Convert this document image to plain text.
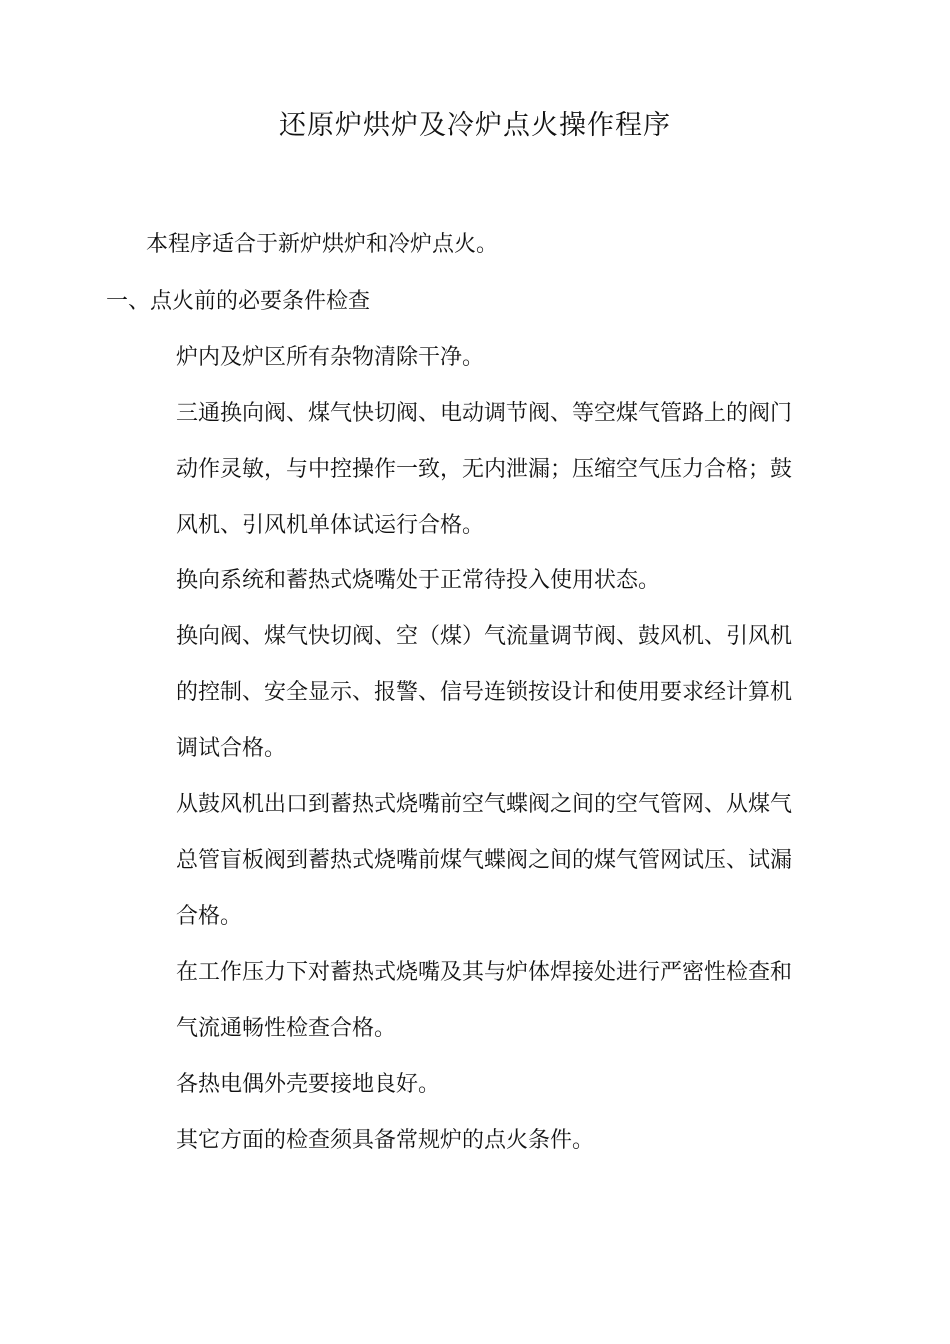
还原炉烘炉及冷炉点火操作程序
本程序适合于新炉烘炉和冷炉点火。
一、点火前的必要条件检查
炉内及炉区所有杂物清除干净。
三通换向阀、煤气快切阀、电动调节阀、等空煤气管路上的阀门
动作灵敏，与中控操作一致，无内泄漏；压缩空气压力合格；鼓
风机、引风机单体试运行合格。
换向系统和蓄热式烧嘴处于正常待投入使用状态。
换向阀、煤气快切阀、空（煤）气流量调节阀、鼓风机、引风机
的控制、安全显示、报警、信号连锁按设计和使用要求经计算机
调试合格。
从鼓风机出口到蓄热式烧嘴前空气蝶阀之间的空气管网、从煤气
总管盲板阀到蓄热式烧嘴前煤气蝶阀之间的煤气管网试压、试漏
合格。
在工作压力下对蓄热式烧嘴及其与炉体焊接处进行严密性检查和
气流通畅性检查合格。
各热电偶外壳要接地良好。
其它方面的检查须具备常规炉的点火条件。
